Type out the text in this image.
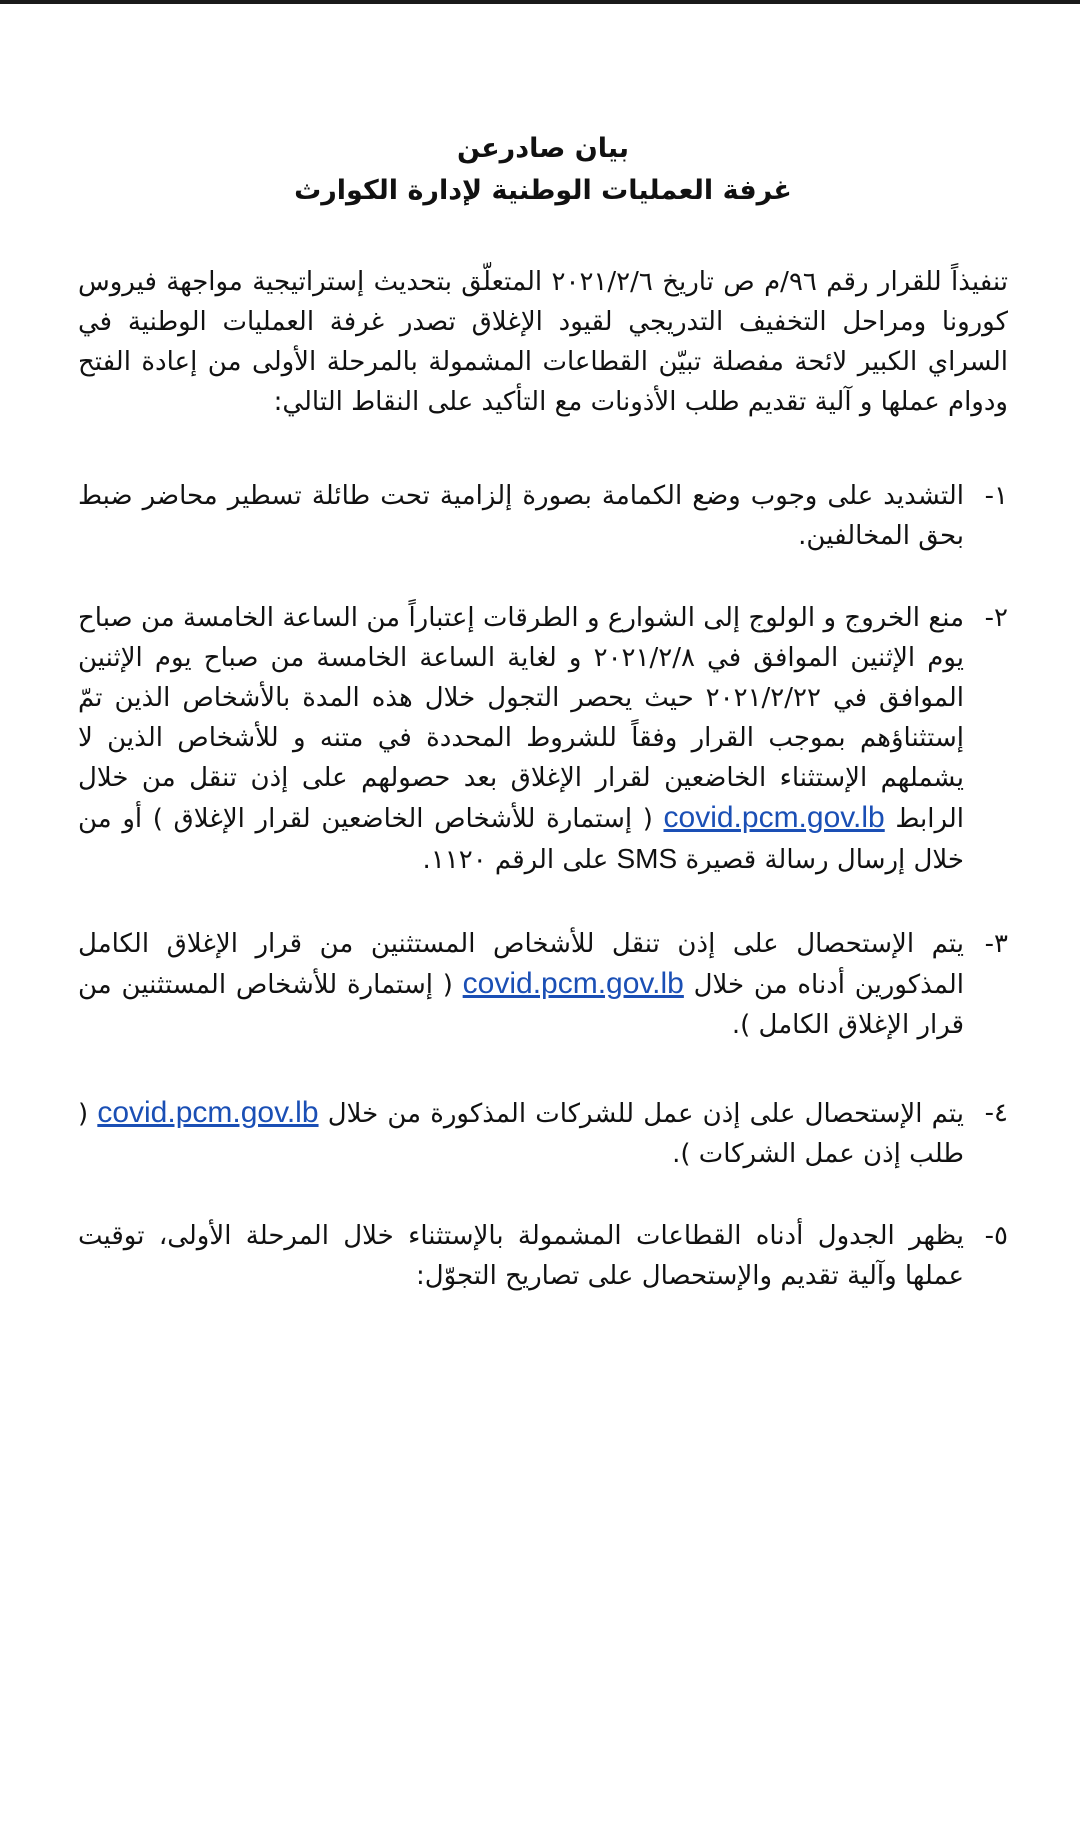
بيان صادرعن
غرفة العمليات الوطنية لإدارة الكوارث

تنفيذاً للقرار رقم ٩٦/م ص تاريخ ٢٠٢١/٢/٦ المتعلّق بتحديث إستراتيجية مواجهة فيروس كورونا ومراحل التخفيف التدريجي لقيود الإغلاق تصدر غرفة العمليات الوطنية في السراي الكبير لائحة مفصلة تبيّن القطاعات المشمولة بالمرحلة الأولى من إعادة الفتح ودوام عملها و آلية تقديم طلب الأذونات مع التأكيد على النقاط التالي:

١-
التشديد على وجوب وضع الكمامة بصورة إلزامية تحت طائلة تسطير محاضر ضبط بحق المخالفين.
٢-
منع الخروج و الولوج إلى الشوارع و الطرقات إعتباراً من الساعة الخامسة من صباح يوم الإثنين الموافق في ٢٠٢١/٢/٨ و لغاية الساعة الخامسة من صباح يوم الإثنين الموافق في ٢٠٢١/٢/٢٢ حيث يحصر التجول خلال هذه المدة بالأشخاص الذين تمّ إستثناؤهم بموجب القرار وفقاً للشروط المحددة في متنه و للأشخاص الذين لا يشملهم الإستثناء الخاضعين لقرار الإغلاق بعد حصولهم على إذن تنقل من خلال الرابط covid.pcm.gov.lb ( إستمارة للأشخاص الخاضعين لقرار الإغلاق ) أو من خلال إرسال رسالة قصيرة SMS على الرقم ١١٢٠.
٣-
يتم الإستحصال على إذن تنقل للأشخاص المستثنين من قرار الإغلاق الكامل المذكورين أدناه من خلال covid.pcm.gov.lb ( إستمارة للأشخاص المستثنين من قرار الإغلاق الكامل ).
٤-
يتم الإستحصال على إذن عمل للشركات المذكورة من خلال covid.pcm.gov.lb ( طلب إذن عمل الشركات ).
٥-
يظهر الجدول أدناه القطاعات المشمولة بالإستثناء خلال المرحلة الأولى، توقيت عملها وآلية تقديم والإستحصال على تصاريح التجوّل:
